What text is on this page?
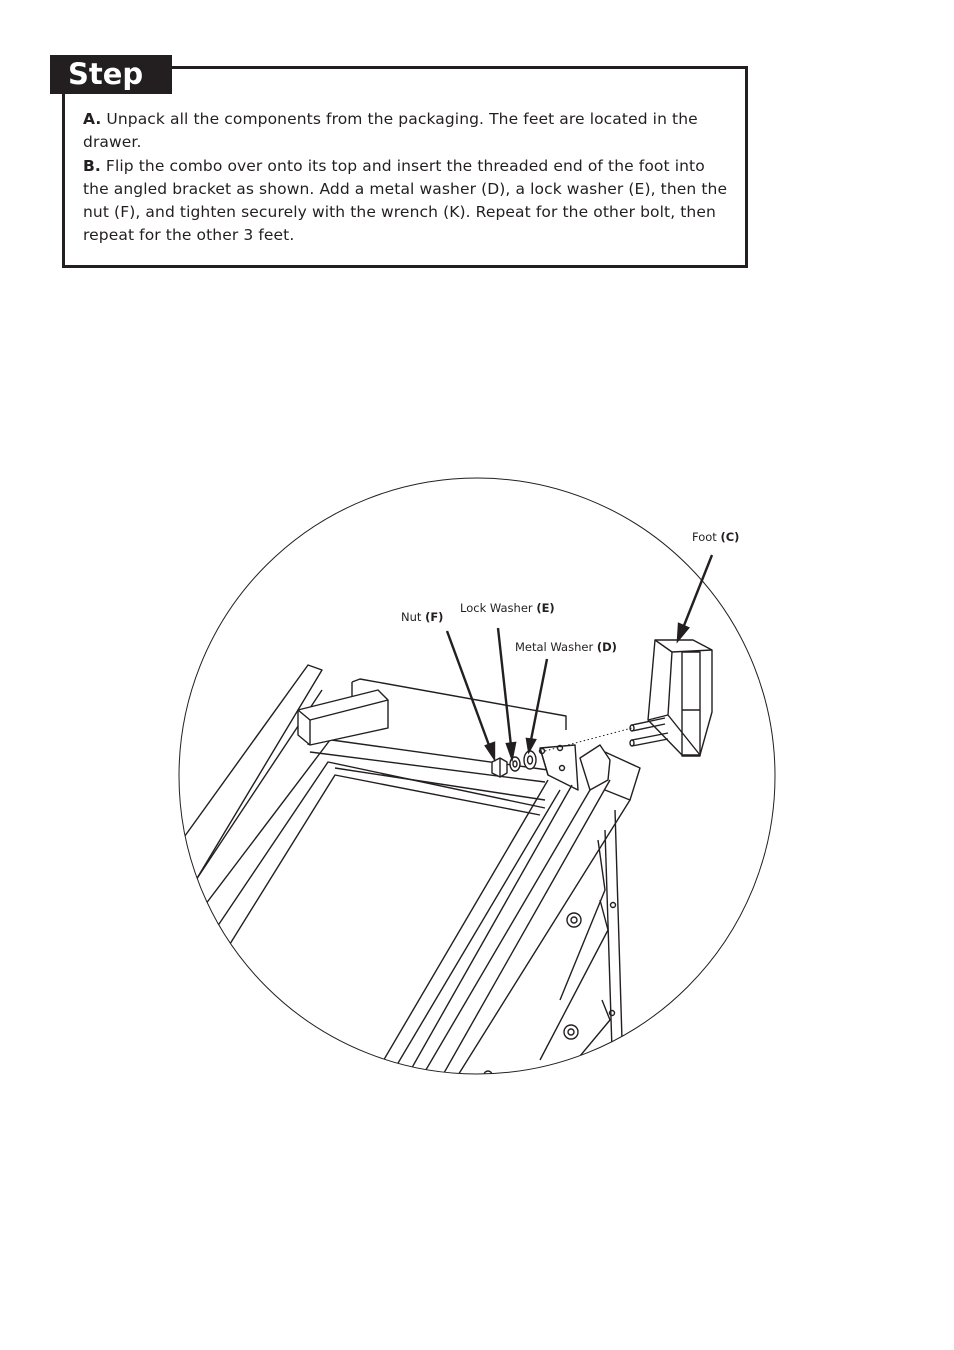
Step 1

A. Unpack all the components from the packaging. The feet are located in the drawer.

B. Flip the combo over onto its top and insert the threaded end of the foot into the angled bracket as shown. Add a metal washer (D), a lock washer (E), then the nut (F), and tighten securely with the wrench (K). Repeat for the other bolt, then repeat for the other 3 feet.

Foot (C)
Lock Washer (E)
Nut (F)
Metal Washer (D)
